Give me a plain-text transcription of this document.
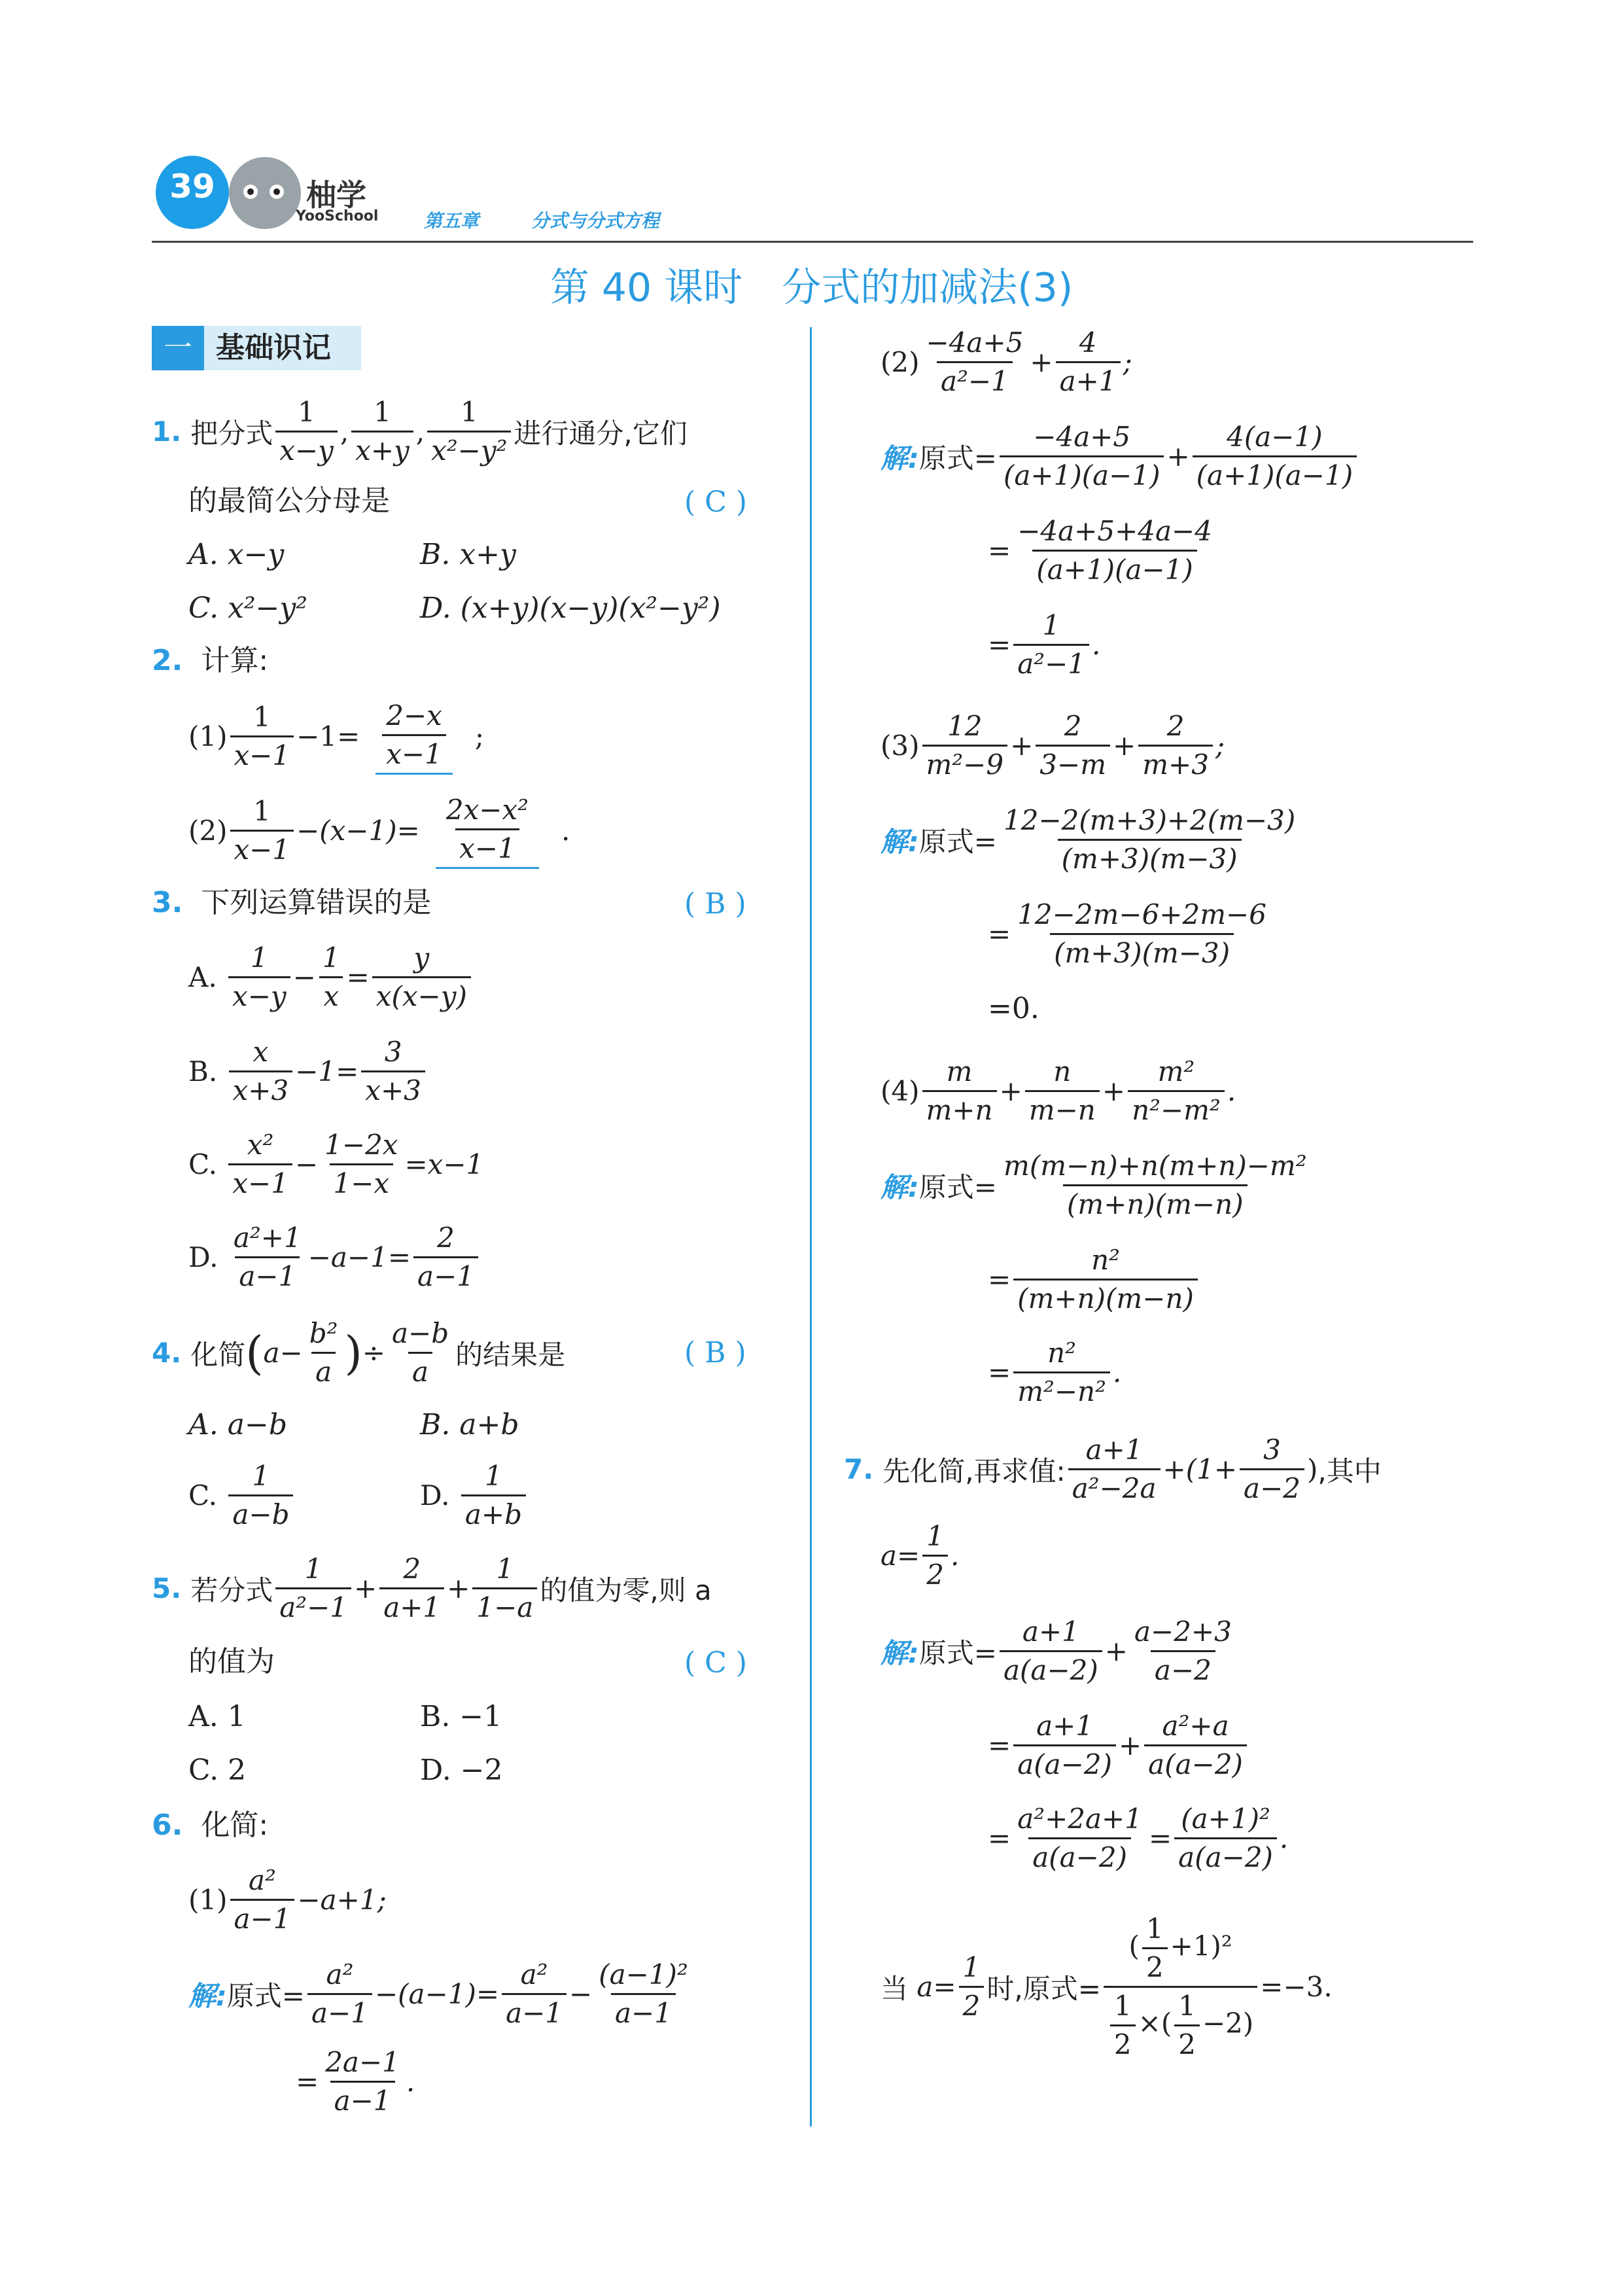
39	柚学
YooSchool 第五章	分式与分式方程
第 40 课时　分式的加减法(3)
一 基础识记
1. 把分式 $\frac{1}{x-y}$ , $\frac{1}{x+y}$ , $\frac{1}{\text{x²−y²}}$ 进行通分,它们
的最简公分母是	( C )
A. x−y	B. x+y
C. x²−y²	D. (x+y)(x−y)(x²−y²)
2. 计算:
$(1) \frac{1}{x-1} -1= \frac{2-x}{x-1}$ ;
$(2) \frac{1}{x-1} -(x-1)= \frac{\text{2x−x²}}{x-1}$ .
3. 下列运算错误的是	( B )
A. $\frac{1}{x-y} - \frac{1}{x} = \frac{y}{x(x-y)}$
B. $\frac{x}{x+3} -1= \frac{3}{x+3}$
C. $\frac{\text{x²}}{x-1} - \frac{1-2x}{1-x} =x-1$
D. $\frac{\text{a²+1}}{a-1} -a-1= \frac{2}{a-1}$
4. 化简 ( $a- \frac{\text{b²}}{a}$ ) ÷ $\frac{a-b}{a}$ 的结果是	( B )
A. a−b	B. a+b
C. $\frac{1}{a-b}$	D. $\frac{1}{a+b}$
5. 若分式 $\frac{1}{\text{a²−1}} + \frac{2}{a+1} + \frac{1}{1-a}$ 的值为零,则 a
的值为	( C )
A. 1	B. −1
C. 2	D. −2
6. 化简:
$(1) \frac{\text{a²}}{a-1} -a+1$;
解: 原式= $\frac{\text{a²}}{a-1} -(a-1)= \frac{\text{a²}}{a-1} - \frac{\text{(a−1)²}}{a-1}$
= $\frac{2a-1}{a-1}$ .
$(2) \frac{-4a+5}{\text{a²−1}} + \frac{4}{a+1}$ ;
解: 原式= $\frac{-4a+5}{(a+1)(a-1)} + \frac{4(a-1)}{(a+1)(a-1)}$
= $\frac{-4a+5+4a-4}{(a+1)(a-1)}$
= $\frac{1}{\text{a²−1}}$ .
$(3) \frac{12}{\text{m²−9}} + \frac{2}{3-m} + \frac{2}{m+3}$ ;
解: 原式= $\frac{12-2(m+3)+2(m-3)}{(m+3)(m-3)}$
= $\frac{12-2m-6+2m-6}{(m+3)(m-3)}$
=0.
$(4) \frac{m}{m+n} + \frac{n}{m-n} + \frac{\text{m²}}{\text{n²−m²}}$ .
解: 原式= $\frac{\text{m(m−n)+n(m+n)−m²}}{(m+n)(m-n)}$
= $\frac{\text{n²}}{(m+n)(m-n)}$
= $\frac{\text{n²}}{\text{m²−n²}}$ .
7. 先化简,再求值: $\frac{a+1}{\text{a²−2a}} +(1+ \frac{3}{a-2}$ ) ,其中
$a= \frac{1}{2}$ .
解: 原式= $\frac{a+1}{a(a-2)} + \frac{a-2+3}{a-2}$
= $\frac{a+1}{a(a-2)} + \frac{\text{a²+a}}{a(a-2)}$
= $\frac{\text{a²+2a+1}}{a(a-2)} = \frac{\text{(a+1)²}}{a(a-2)}$ .
当 $a= \frac{1}{2}$ 时,原式= $\frac{( \frac{1}{2} +1)^2}{\frac{1}{2} \times( \frac{1}{2} -2)} =-3$.
